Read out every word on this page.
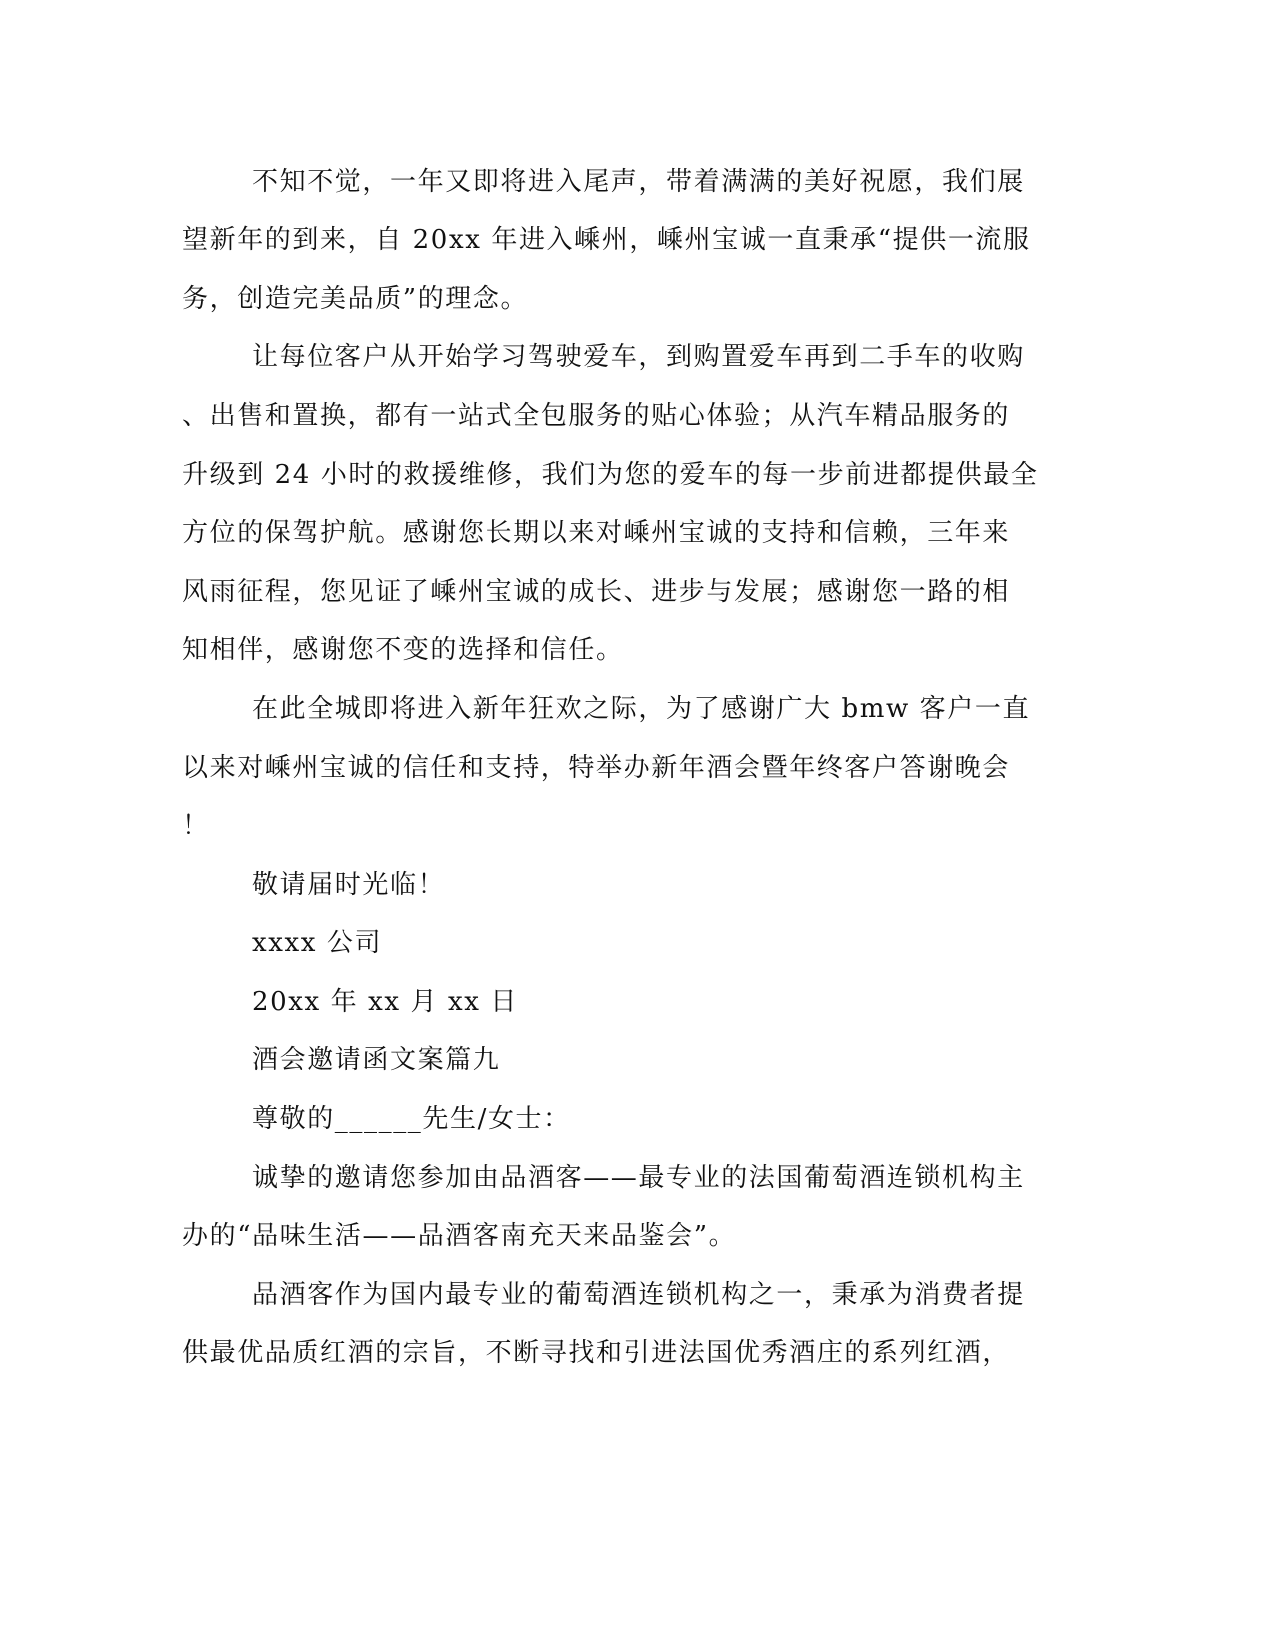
不知不觉，一年又即将进入尾声，带着满满的美好祝愿，我们展
望新年的到来，自 20xx 年进入嵊州，嵊州宝诚一直秉承“提供一流服
务，创造完美品质”的理念。
让每位客户从开始学习驾驶爱车，到购置爱车再到二手车的收购
、出售和置换，都有一站式全包服务的贴心体验；从汽车精品服务的
升级到 24 小时的救援维修，我们为您的爱车的每一步前进都提供最全
方位的保驾护航。感谢您长期以来对嵊州宝诚的支持和信赖，三年来
风雨征程，您见证了嵊州宝诚的成长、进步与发展；感谢您一路的相
知相伴，感谢您不变的选择和信任。
在此全城即将进入新年狂欢之际，为了感谢广大 bmw 客户一直
以来对嵊州宝诚的信任和支持，特举办新年酒会暨年终客户答谢晚会
！
敬请届时光临！
xxxx 公司
20xx 年 xx 月 xx 日
酒会邀请函文案篇九
尊敬的______先生/女士：
诚挚的邀请您参加由品酒客——最专业的法国葡萄酒连锁机构主
办的“品味生活——品酒客南充天来品鉴会”。
品酒客作为国内最专业的葡萄酒连锁机构之一，秉承为消费者提
供最优品质红酒的宗旨，不断寻找和引进法国优秀酒庄的系列红酒，
